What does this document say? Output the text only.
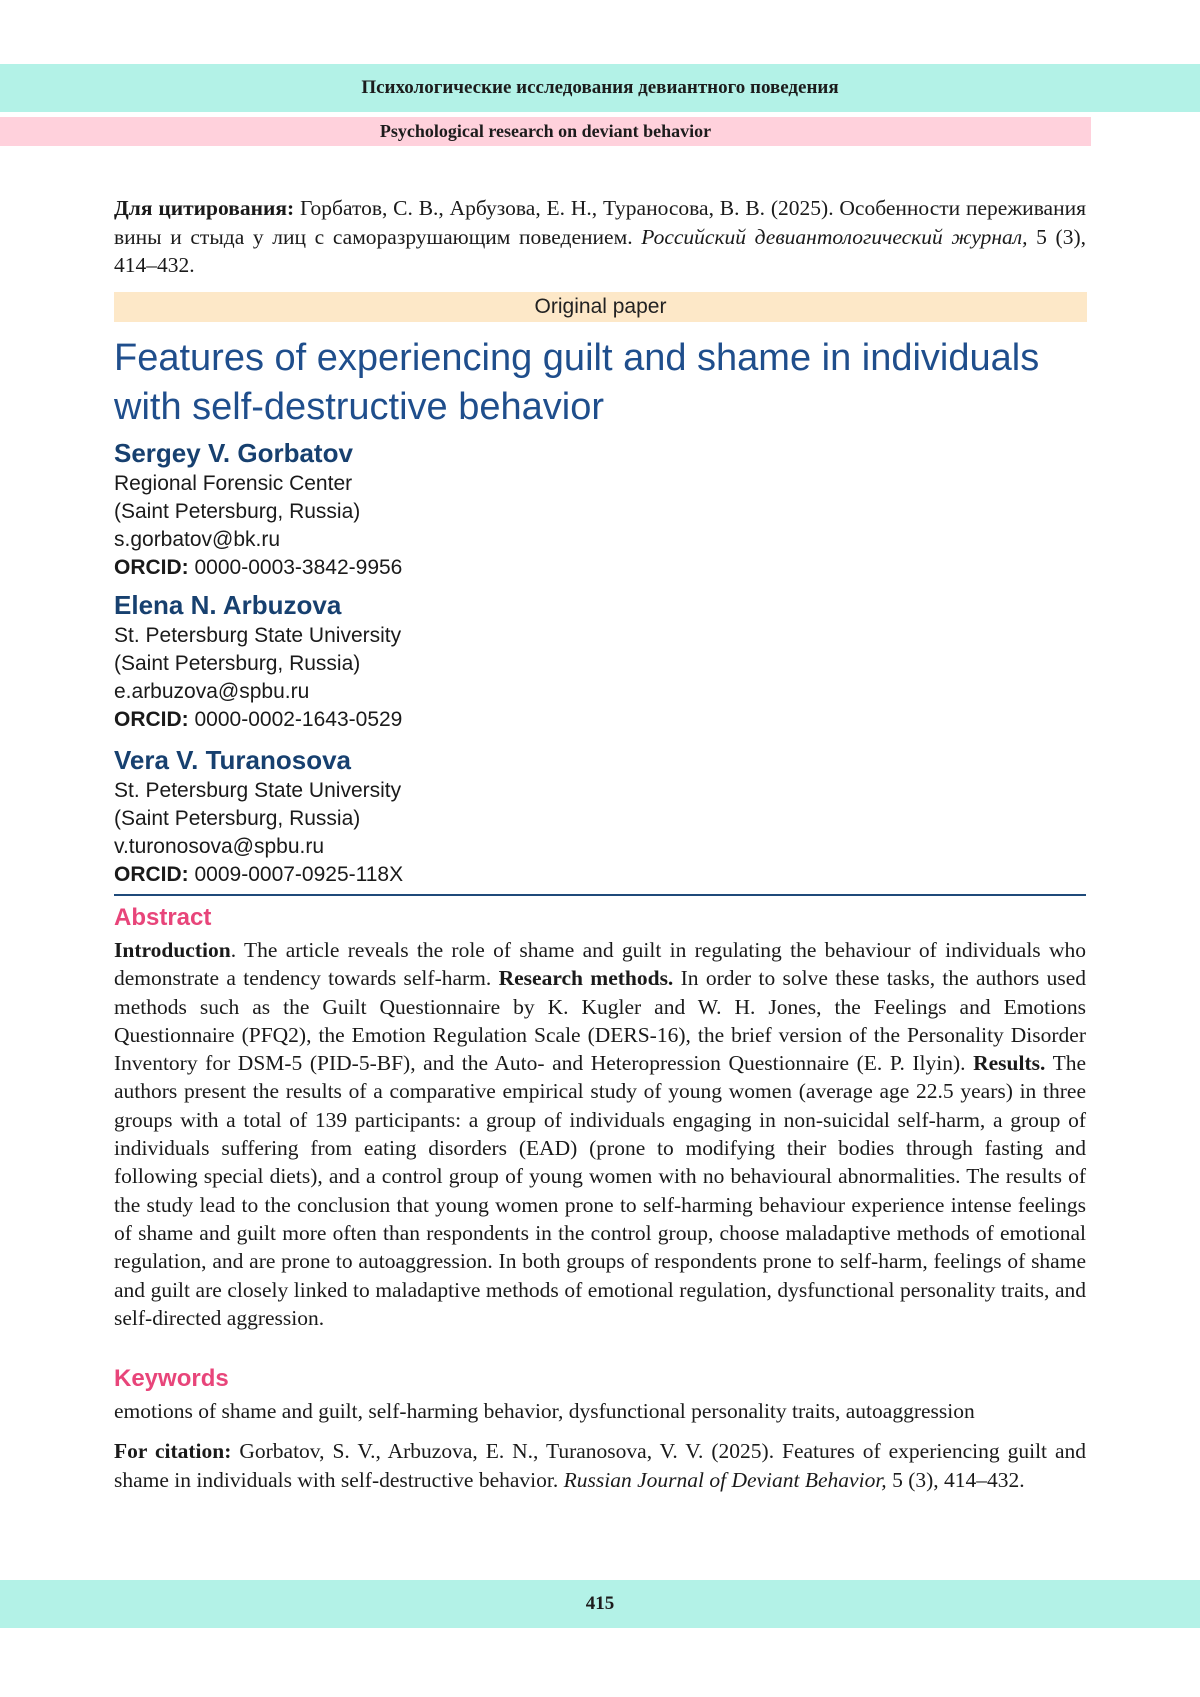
Психологические исследования девиантного поведения
Psychological research on deviant behavior
Для цитирования: Горбатов, С. В., Арбузова, Е. Н., Тураносова, В. В. (2025). Особенности переживания вины и стыда у лиц с саморазрушающим поведением. Российский девиантологический журнал, 5 (3), 414–432.
Original paper
Features of experiencing guilt and shame in individuals with self-destructive behavior
Sergey V. Gorbatov
Regional Forensic Center
(Saint Petersburg, Russia)
s.gorbatov@bk.ru
ORCID: 0000-0003-3842-9956
Elena N. Arbuzova
St. Petersburg State University
(Saint Petersburg, Russia)
e.arbuzova@spbu.ru
ORCID: 0000-0002-1643-0529
Vera V. Turanosova
St. Petersburg State University
(Saint Petersburg, Russia)
v.turonosova@spbu.ru
ORCID: 0009-0007-0925-118X
Abstract
Introduction. The article reveals the role of shame and guilt in regulating the behaviour of individuals who demonstrate a tendency towards self-harm. Research methods. In order to solve these tasks, the authors used methods such as the Guilt Questionnaire by K. Kugler and W. H. Jones, the Feelings and Emotions Questionnaire (PFQ2), the Emotion Regulation Scale (DERS-16), the brief version of the Personality Disorder Inventory for DSM-5 (PID-5-BF), and the Auto- and Heteropression Questionnaire (E. P. Ilyin). Results. The authors present the results of a comparative empirical study of young women (average age 22.5 years) in three groups with a total of 139 participants: a group of individuals engaging in non-suicidal self-harm, a group of individuals suffering from eating disorders (EAD) (prone to modifying their bodies through fasting and following special diets), and a control group of young women with no behavioural abnormalities. The results of the study lead to the conclusion that young women prone to self-harming behaviour experience intense feelings of shame and guilt more often than respondents in the control group, choose maladaptive methods of emotional regulation, and are prone to autoaggression. In both groups of respondents prone to self-harm, feelings of shame and guilt are closely linked to maladaptive methods of emotional regulation, dysfunctional personality traits, and self-directed aggression.
Keywords
emotions of shame and guilt, self-harming behavior, dysfunctional personality traits, autoaggression
For citation: Gorbatov, S. V., Arbuzova, E. N., Turanosova, V. V. (2025). Features of experiencing guilt and shame in individuals with self-destructive behavior. Russian Journal of Deviant Behavior, 5 (3), 414–432.
415
